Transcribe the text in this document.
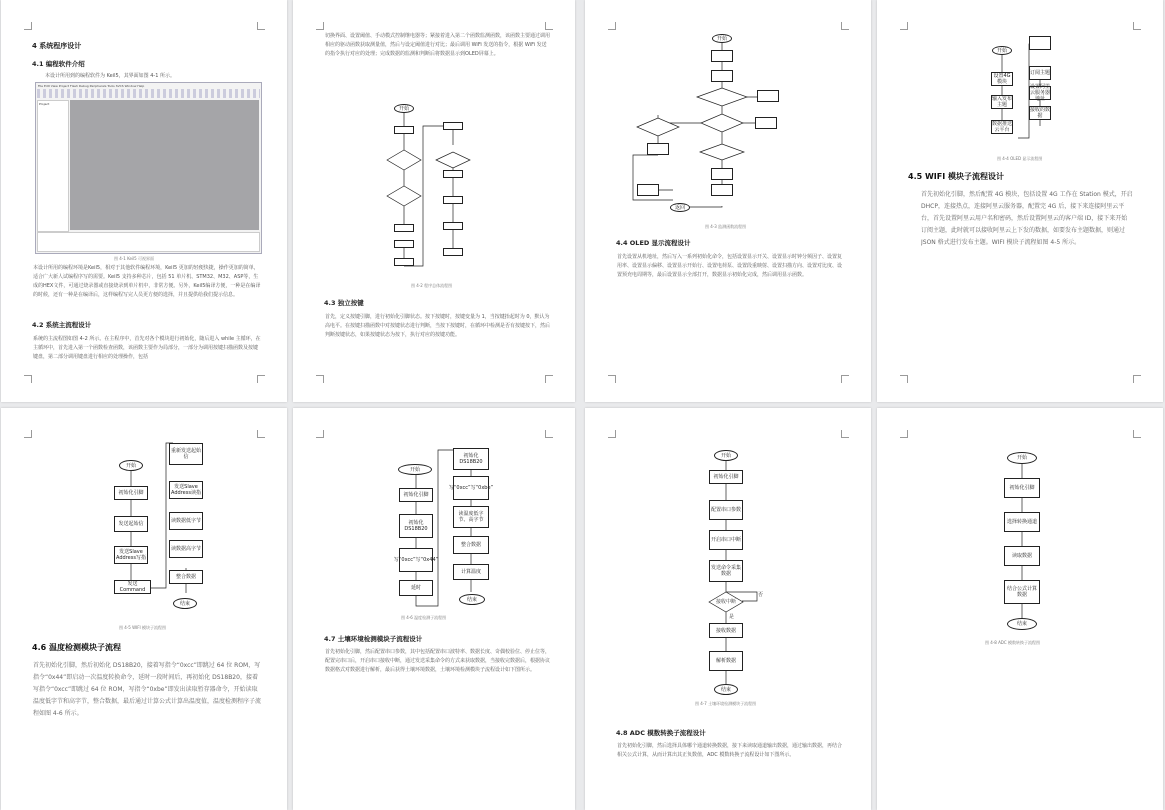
4 系统程序设计
4.1 编程软件介绍
本设计所用到的编程软件为 Keil5，其界面如图 4-1 所示。
File Edit View Project Flash Debug Peripherals Tools SVCS Window Help
Project
图 4-1 Keil5 可视界面
本设计所用的编程环境是Keil5，相对于其他软件编程环境，Keil5 更加的轻便快捷，操作更加的简单，适合广大新人试编程序写的需要。Keil5 支持多种芯片，包括 51 单片机、STM32、M32、ASP等，生成的HEX文件，可通过烧录器或直接烧录到单片机中，非常方便。另外，Keil5编译方便，一种是在编译的时候，还有一种是在编译后，这样编程写完人员更方便的选择，并且提供给我们提示信息。
4.2 系统主流程设计
系统的主流程图如图 4-2 所示。在主程序中，首先对各个模块进行初始化，随后进入 while 主循环，在主循环中，首先进入第一个函数检查函数，该函数主要作为局部分，一部分为调用按键扫描函数及按键键盘，第二部分调用键盘进行相应的处理操作，包括
切换界面、设置阈值、手动模式控制继电器等；紧接着进入第二个函数监测函数，该函数主要通过调用相应的驱动函数获取测量值，然后与设定阈值进行对比；最后调用 WiFi 发送的指令，根据 WiFi 发送的指令执行对应的处理；完成数据的监测和判断后将数据显示到OLED屏幕上。
开始
图 4-2 程序总体流程图
4.3 独立按键
首先，定义按键引脚，进行初始化引脚状态。按下按键时，按键变量为 1，当按键抬起时为 0，默认为高电平。在按键扫描函数中对按键状态进行判断，当按下按键时，在循环中检测是否有按键按下，然后判断按键状态，如果按键状态为按下，执行对应的按键功能。
开始
返回
图 4-3 监测函数流程图
4.4 OLED 显示流程设计
首先设置从机地址，然后写入一系列初始化命令，包括设置显示开关、设置显示时钟分频因子、设置复用率、设置显示偏移、设置显示开始行、设置电荷泵、设置段重映射、设置扫描方向、设置对比度、设置预充电周期等，最后设置显示全部打开，数据显示初始化完成，然后调用显示函数。
开始
设置4G模块
输入发布主题
数据推送云平台
订阅主题
设置阿里云服务器地址
接收的数据
图 4-4 OLED 显示流程图
4.5 WIFI 模块子流程设计
首先初始化引脚，然后配置 4G 模块，包括设置 4G 工作在 Station 模式，开启 DHCP，连接热点，连接阿里云服务器，配置完 4G 后，接下来连接阿里云平台，首先设置阿里云用户名和密码，然后设置阿里云的客户端 ID，接下来开始订阅主题，此时就可以接收阿里云上下发的数据，如要发布主题数据，则通过 JSON 格式进行发布主题。WIFI 模块子流程如图 4-5 所示。
开始
初始化引脚
发送起始信
发送Slave Address写指
发送Command
重新发送起始信
发送Slave Address读指
读数据低字节
读数据高字节
整合数据
结束
图 4-5 WIFI 模块子流程图
4.6 温度检测模块子流程
首先初始化引脚，然后初始化 DS18B20，接着写指令“0xcc”即跳过 64 位 ROM，写指令“0x44”即启动一次温度转换命令，延时一段时间后，再初始化 DS18B20，接着写指令“0xcc”即跳过 64 位 ROM，写指令“0xbe”即发出读取暂存器命令，开始读取温度低字节和高字节，整合数据，最后通过计算公式计算出温度值，温度检测程序子流程如图 4-6 所示。
开始
初始化引脚
初始化DS18B20
写“0xcc”写“0x44”
延时
初始化DS18B20
写“0xcc”写“0xbe”
读温度低字节、高字节
整合数据
计算温度
结束
图 4-6 温度检测子流程图
4.7 土壤环境检测模块子流程设计
首先初始化引脚，然后配置串口参数，其中包括配置串口波特率、数据长度、奇偶校验位、停止位等，配置完串口后，开启串口接收中断，通过发送采集命令的方式来获取数据，当接收完数据后，根据协议数据格式对数据进行解析，最后获得土壤环境数据，土壤环境检测模块子流程设计如下图所示。
开始
初始化引脚
配置串口参数
开启串口中断
发送命令采集数据
接收中断
是
否
接收数据
解析数据
结束
图 4-7 土壤环境检测模块子流程图
4.8 ADC 模数转换子流程设计
首先初始化引脚，然后选择具体哪个通道转换数据，接下来读取通道输出数据，通过输出数据，再结合相关公式计算，从而计算出其正负数值，ADC 模数转换子流程设计如下图所示。
开始
初始化引脚
选择转换通道
读取数据
结合公式计算数据
结束
图 4-8 ADC 模数转换子流程图
